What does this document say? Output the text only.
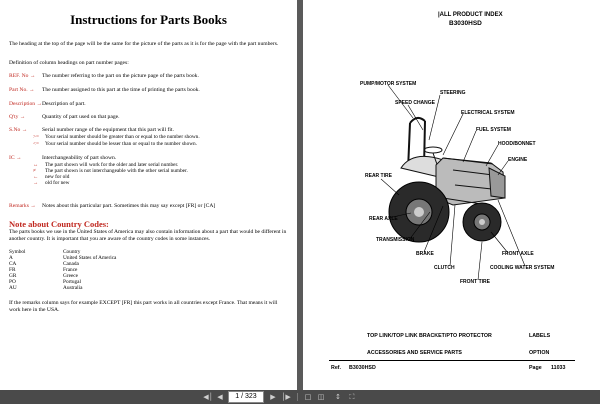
Instructions for Parts Books
The heading at the top of the page will be the same for the picture of the parts as it is for the page with the part numbers.
Definition of column headings on part number pages:
REF. No → The number referring to the part on the picture page of the parts book.
Part No. → The number assigned to this part at the time of printing the parts book.
Description → Description of part.
Q'ty →	Quantity of part used on that page.
S.No →	Serial number range of the equipment that this part will fit.
>= Your serial number should be greater than or equal to the number shown.
<= Your serial number should be lesser than or equal to the number shown.
IC →	Interchangeability of part shown.
↔ The part shown will work for the older and later serial number.
≠ The part shown is not interchangeable with the other serial number.
← new for old
→ old for new
Remarks → Notes about this particular part. Sometimes this may say except [FR] or [CA]
Note about Country Codes:
The parts books we use in the United States of America may also contain information about a part that would be different in another country. It is important that you are aware of the country codes in some instances.
Symbol	Country
A	United States of America
CA	Canada
FR	France
GR	Greece
PO	Portugal
AU	Australia
If the remarks column says for example EXCEPT [FR] this part works in all countries except France. That means it will work here in the USA.
|ALL PRODUCT INDEX
B3030HSD
PUMP/MOTOR SYSTEM
STEERING
SPEED CHANGE
ELECTRICAL SYSTEM
FUEL SYSTEM
HOOD/BONNET
ENGINE
REAR TIRE
REAR AXLE
TRANSMISSION
BRAKE
CLUTCH
FRONT TIRE
FRONT AXLE
COOLING WATER SYSTEM
TOP LINK/TOP LINK BRACKET/PTO PROTECTOR	LABELS
ACCESSORIES AND SERVICE PARTS	OPTION
Ref. B3030HSD	Page 11033
◀│ ◀	1 / 323	▶ │▶ □ ◫ ↕	⛶
